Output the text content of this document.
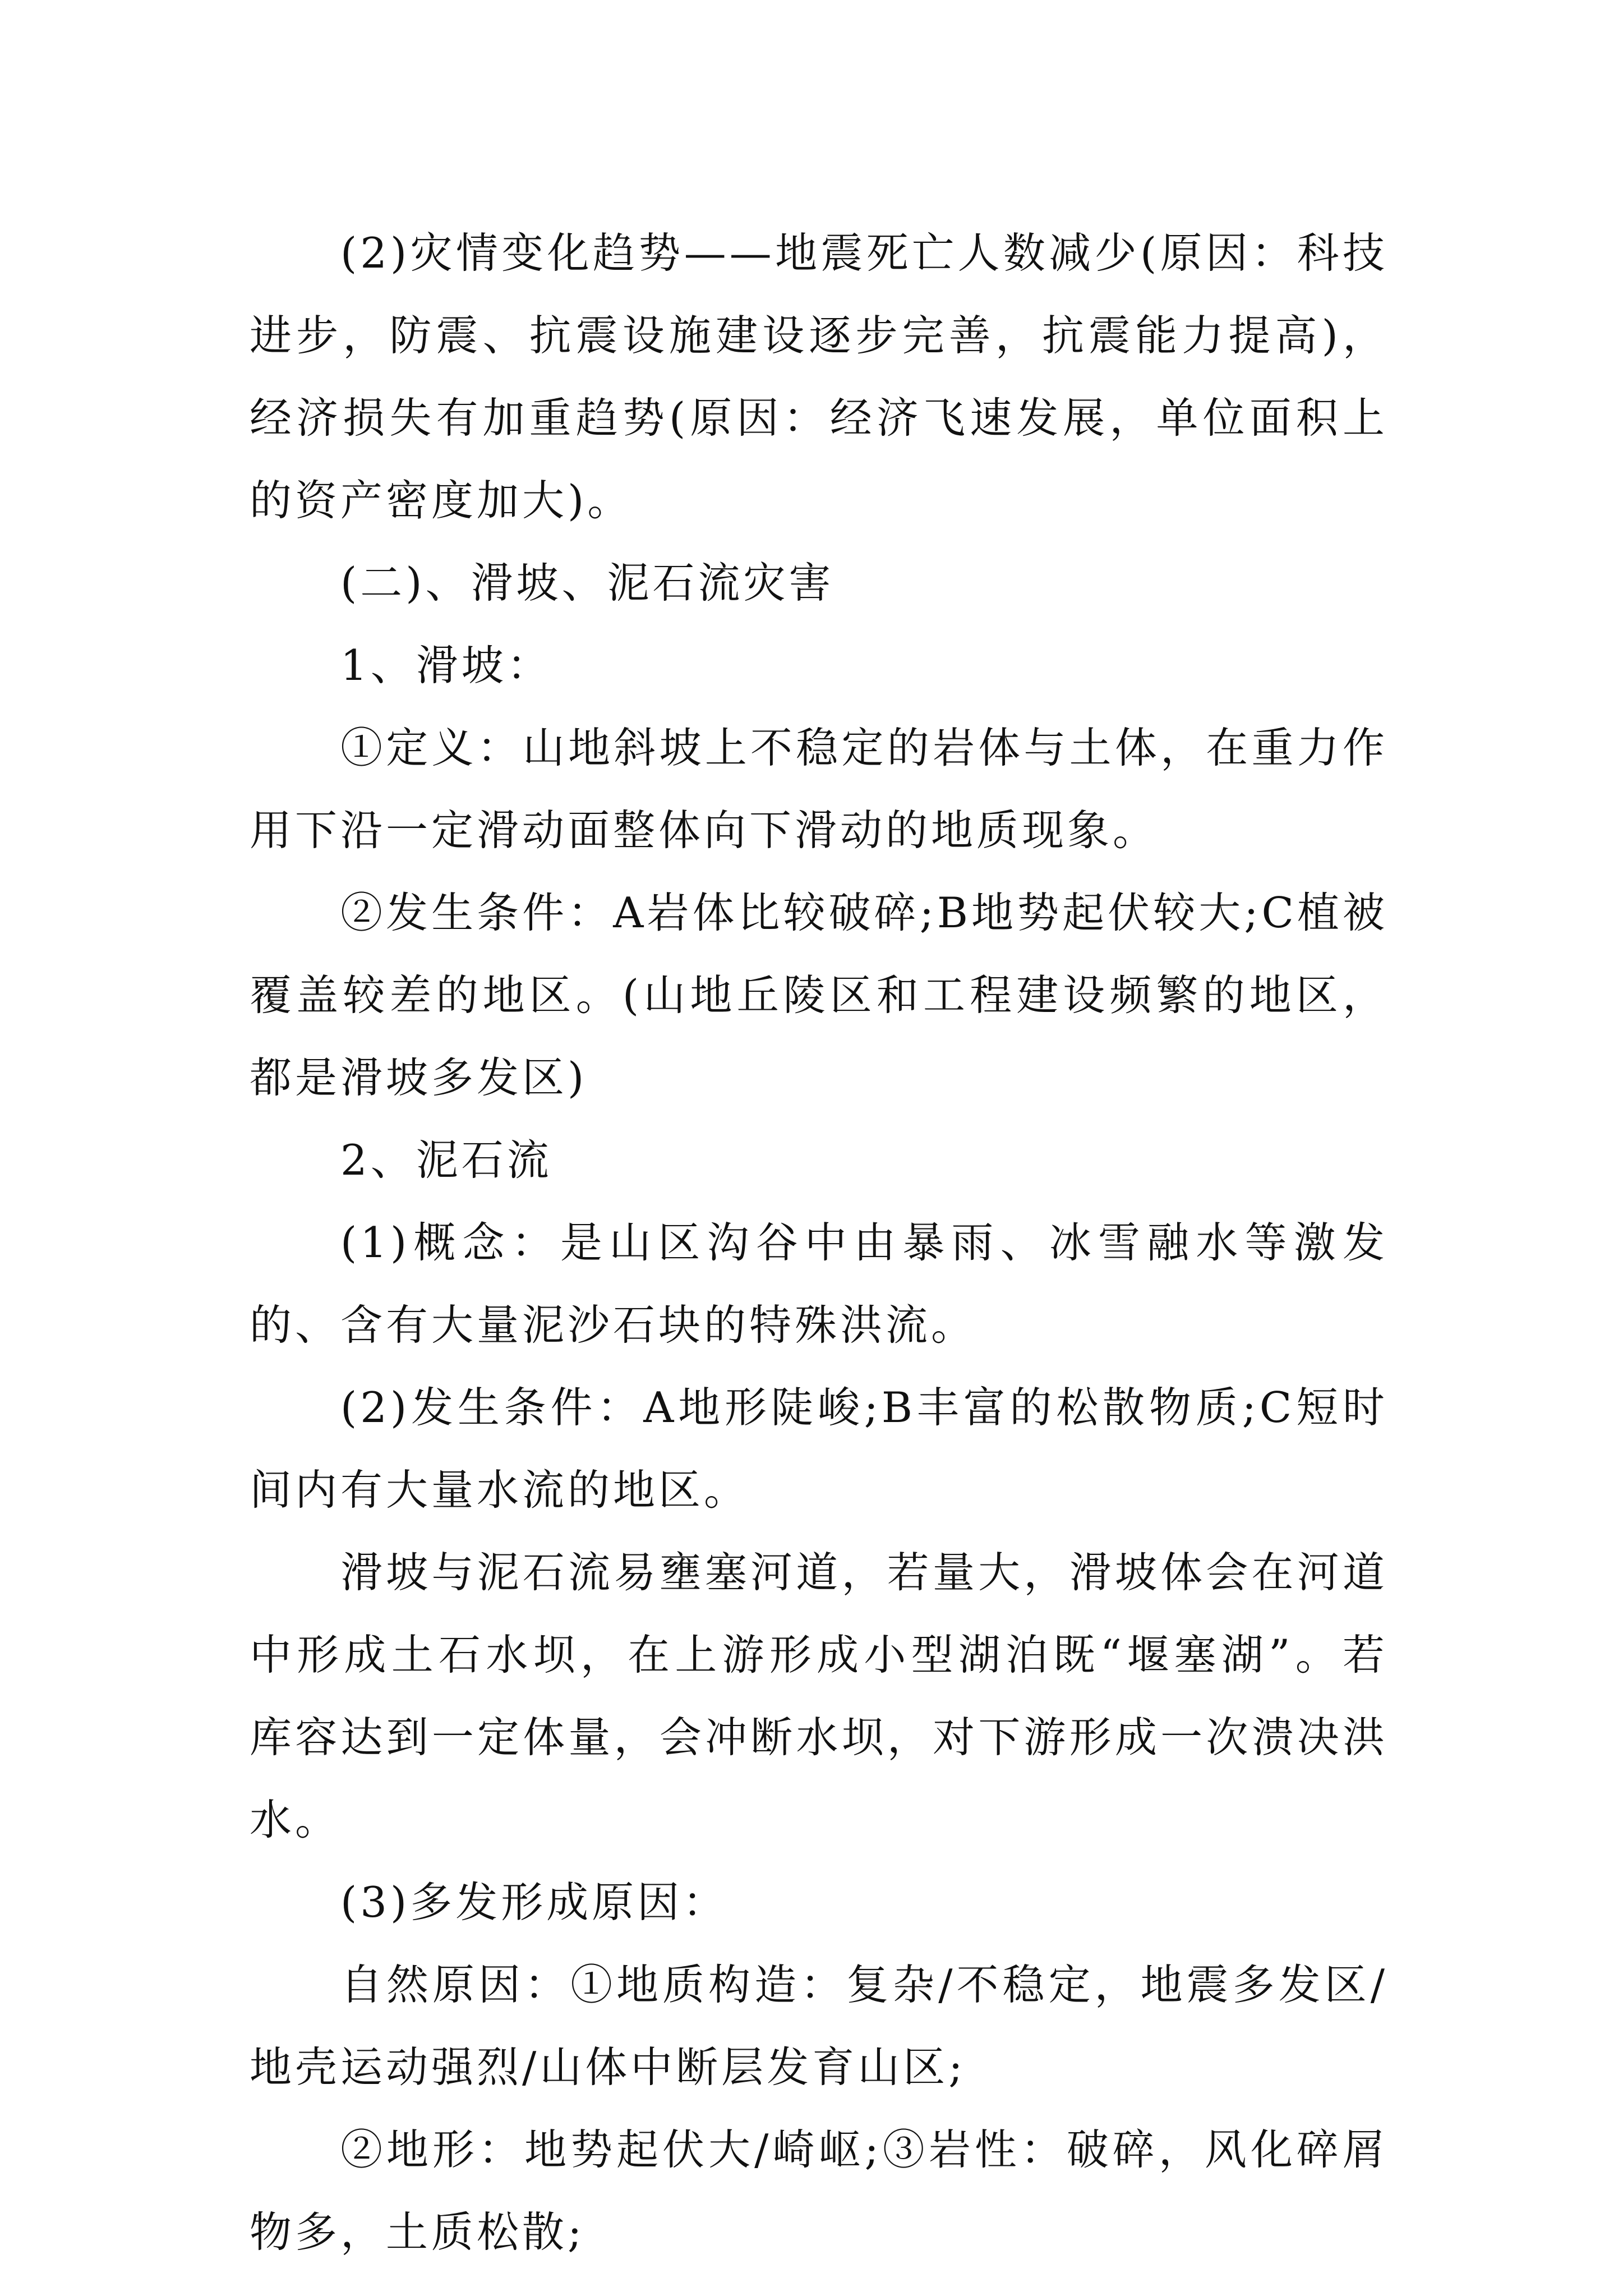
(2)灾情变化趋势——地震死亡人数减少(原因：科技进步，防震、抗震设施建设逐步完善，抗震能力提高)，经济损失有加重趋势(原因：经济飞速发展，单位面积上的资产密度加大)。

(二)、滑坡、泥石流灾害

1、滑坡：

①定义：山地斜坡上不稳定的岩体与土体，在重力作用下沿一定滑动面整体向下滑动的地质现象。

②发生条件：A岩体比较破碎;B地势起伏较大;C植被覆盖较差的地区。(山地丘陵区和工程建设频繁的地区，都是滑坡多发区)

2、泥石流

(1)概念：是山区沟谷中由暴雨、冰雪融水等激发的、含有大量泥沙石块的特殊洪流。

(2)发生条件：A地形陡峻;B丰富的松散物质;C短时间内有大量水流的地区。

滑坡与泥石流易壅塞河道，若量大，滑坡体会在河道中形成土石水坝，在上游形成小型湖泊既“堰塞湖”。若库容达到一定体量，会冲断水坝，对下游形成一次溃决洪水。

(3)多发形成原因：

自然原因：①地质构造：复杂/不稳定，地震多发区/地壳运动强烈/山体中断层发育山区;

②地形：地势起伏大/崎岖;③岩性：破碎，风化碎屑物多，土质松散;
